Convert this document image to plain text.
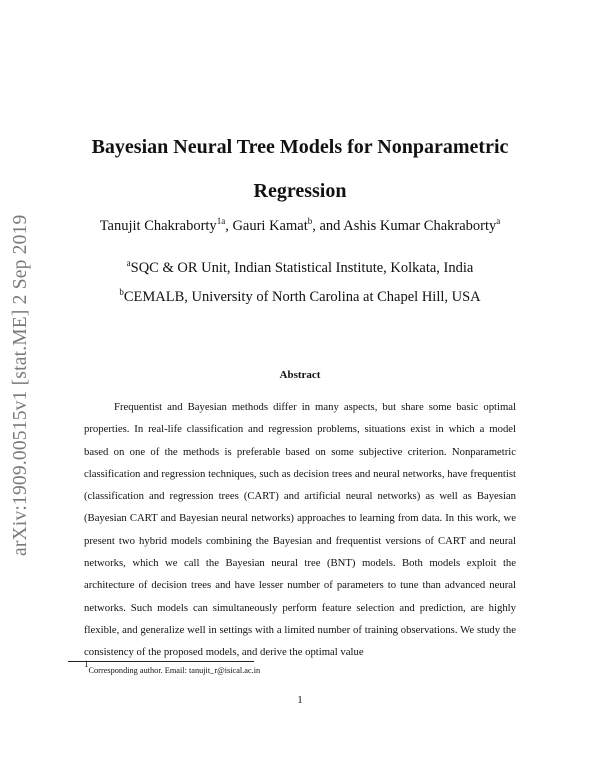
arXiv:1909.00515v1 [stat.ME] 2 Sep 2019
Bayesian Neural Tree Models for Nonparametric Regression
Tanujit Chakraborty$^{1a}$, Gauri Kamat$^b$, and Ashis Kumar Chakraborty$^a$
$^a$SQC & OR Unit, Indian Statistical Institute, Kolkata, India
$^b$CEMALB, University of North Carolina at Chapel Hill, USA
Abstract

Frequentist and Bayesian methods differ in many aspects, but share some basic optimal properties. In real-life classification and regression problems, situations exist in which a model based on one of the methods is preferable based on some subjective criterion. Nonparametric classification and regression techniques, such as decision trees and neural networks, have frequentist (classification and regression trees (CART) and artificial neural networks) as well as Bayesian (Bayesian CART and Bayesian neural networks) approaches to learning from data. In this work, we present two hybrid models combining the Bayesian and frequentist versions of CART and neural networks, which we call the Bayesian neural tree (BNT) models. Both models exploit the architecture of decision trees and have lesser number of parameters to tune than advanced neural networks. Such models can simultaneously perform feature selection and prediction, are highly flexible, and generalize well in settings with a limited number of training observations. We study the consistency of the proposed models, and derive the optimal value

$^1$Corresponding author. Email: tanujit_r@isical.ac.in
1
